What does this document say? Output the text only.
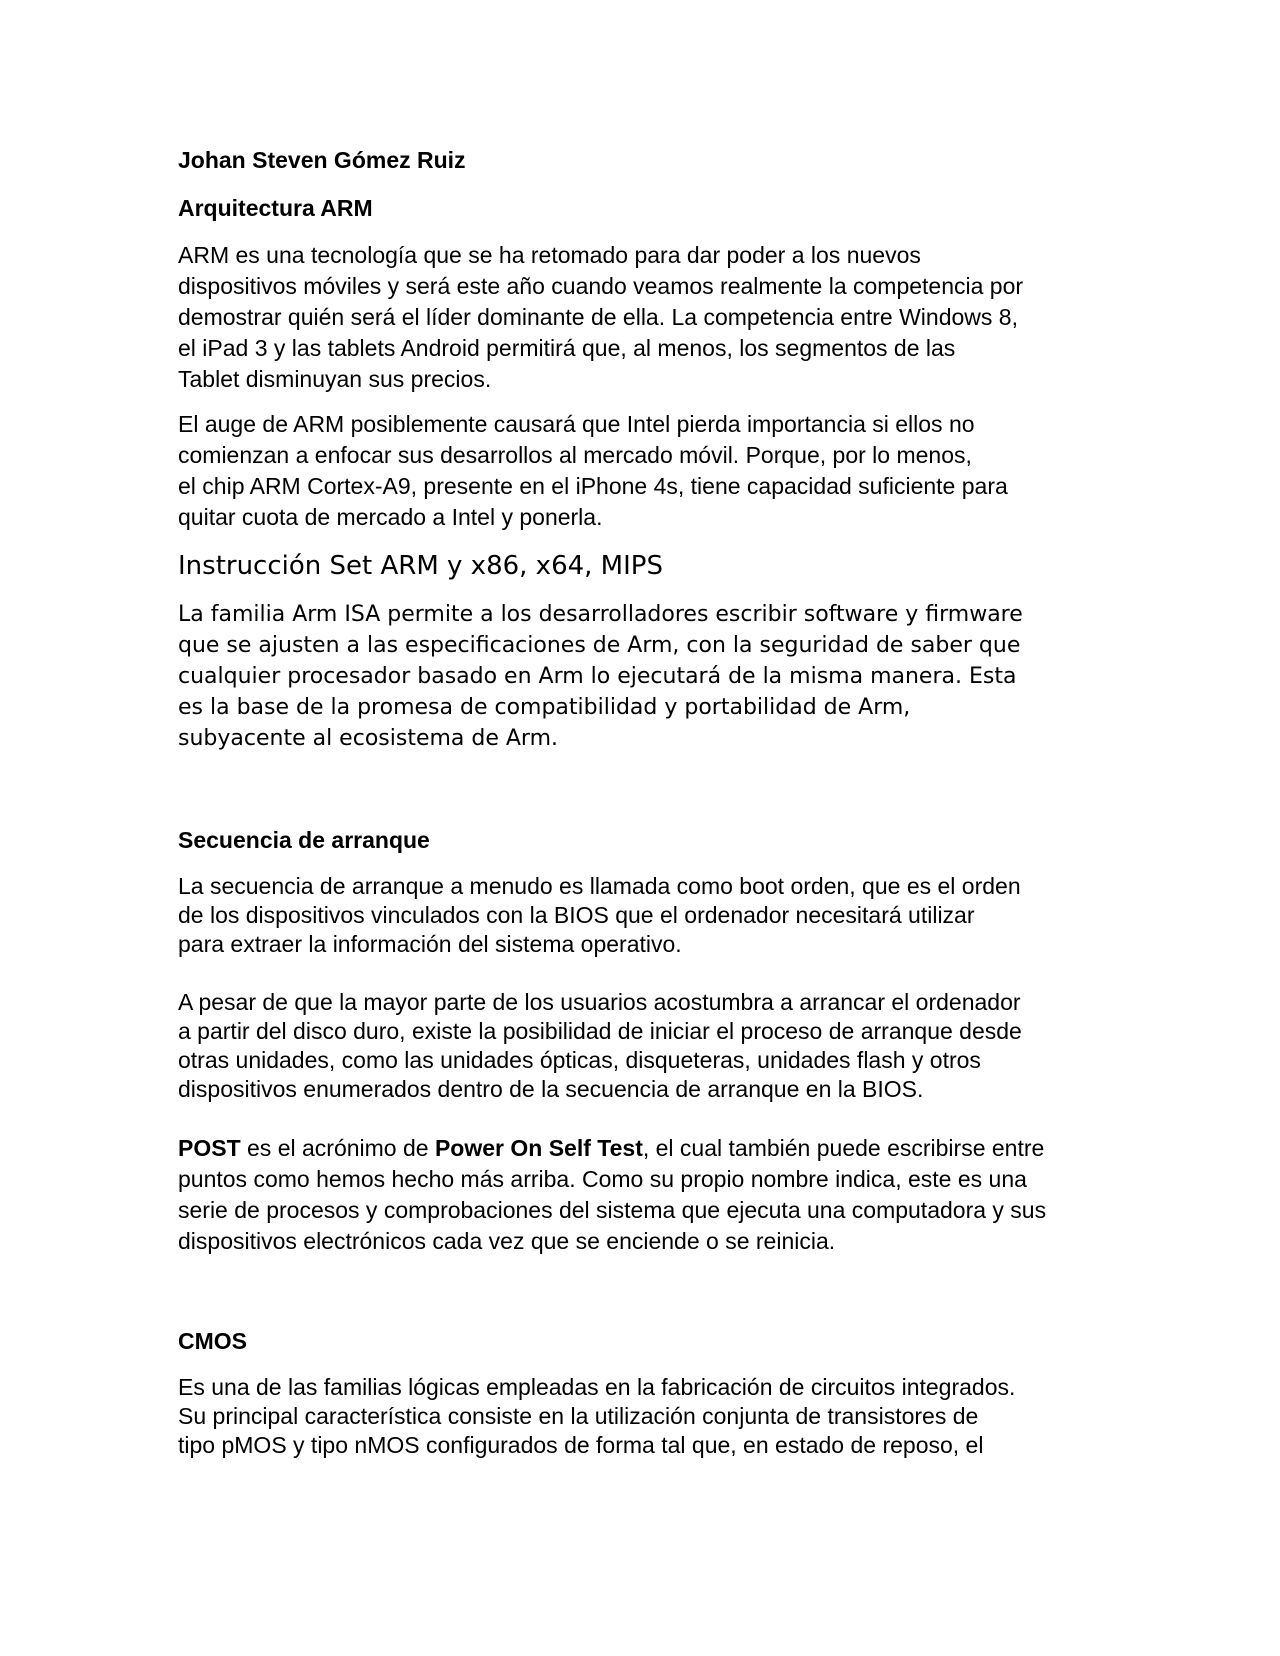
Johan Steven Gómez Ruiz
Arquitectura ARM
ARM es una tecnología que se ha retomado para dar poder a los nuevos
dispositivos móviles y será este año cuando veamos realmente la competencia por
demostrar quién será el líder dominante de ella. La competencia entre Windows 8,
el iPad 3 y las tablets Android permitirá que, al menos, los segmentos de las
Tablet disminuyan sus precios.
El auge de ARM posiblemente causará que Intel pierda importancia si ellos no
comienzan a enfocar sus desarrollos al mercado móvil. Porque, por lo menos,
el chip ARM Cortex-A9, presente en el iPhone 4s, tiene capacidad suficiente para
quitar cuota de mercado a Intel y ponerla.
Instrucción Set ARM y x86, x64, MIPS
La familia Arm ISA permite a los desarrolladores escribir software y firmware
que se ajusten a las especificaciones de Arm, con la seguridad de saber que
cualquier procesador basado en Arm lo ejecutará de la misma manera. Esta
es la base de la promesa de compatibilidad y portabilidad de Arm,
subyacente al ecosistema de Arm.
Secuencia de arranque
La secuencia de arranque a menudo es llamada como boot orden, que es el orden
de los dispositivos vinculados con la BIOS que el ordenador necesitará utilizar
para extraer la información del sistema operativo.
A pesar de que la mayor parte de los usuarios acostumbra a arrancar el ordenador
a partir del disco duro, existe la posibilidad de iniciar el proceso de arranque desde
otras unidades, como las unidades ópticas, disqueteras, unidades flash y otros
dispositivos enumerados dentro de la secuencia de arranque en la BIOS.
POST es el acrónimo de Power On Self Test, el cual también puede escribirse entre
puntos como hemos hecho más arriba. Como su propio nombre indica, este es una
serie de procesos y comprobaciones del sistema que ejecuta una computadora y sus
dispositivos electrónicos cada vez que se enciende o se reinicia.
CMOS
Es una de las familias lógicas empleadas en la fabricación de circuitos integrados.
Su principal característica consiste en la utilización conjunta de transistores de
tipo pMOS y tipo nMOS configurados de forma tal que, en estado de reposo, el
